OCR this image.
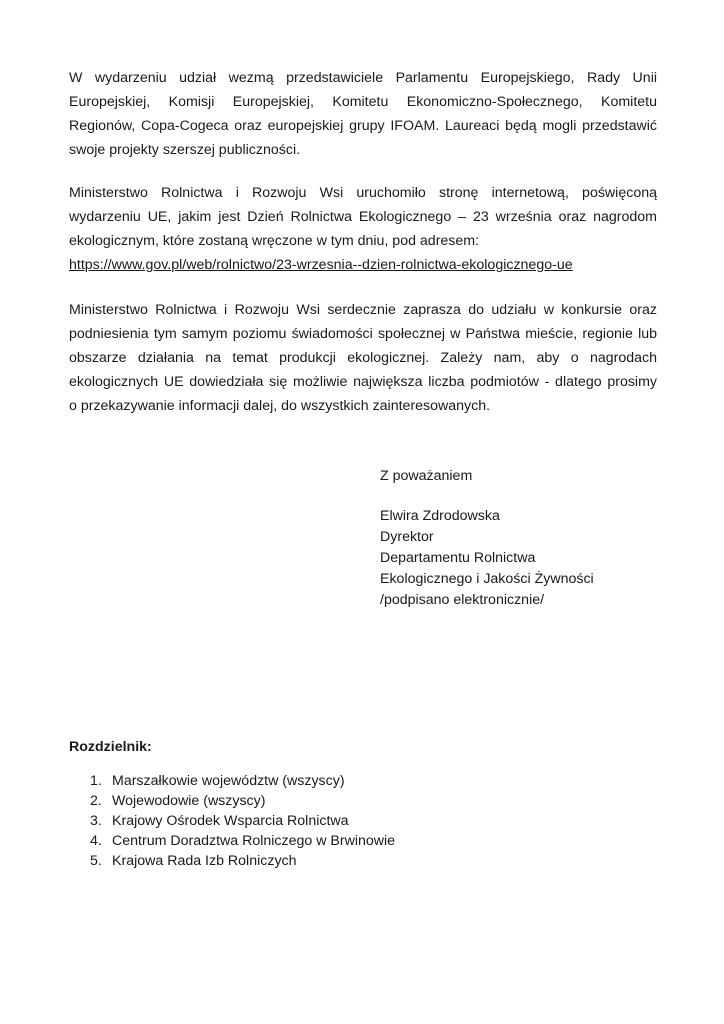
W wydarzeniu udział wezmą przedstawiciele Parlamentu Europejskiego, Rady Unii
Europejskiej, Komisji Europejskiej, Komitetu Ekonomiczno-Społecznego, Komitetu
Regionów, Copa-Cogeca oraz europejskiej grupy IFOAM. Laureaci będą mogli przedstawić
swoje projekty szerszej publiczności.

Ministerstwo Rolnictwa i Rozwoju Wsi uruchomiło stronę internetową, poświęconą
wydarzeniu UE, jakim jest Dzień Rolnictwa Ekologicznego – 23 września oraz nagrodom
ekologicznym, które zostaną wręczone w tym dniu, pod adresem:
https://www.gov.pl/web/rolnictwo/23-wrzesnia--dzien-rolnictwa-ekologicznego-ue

Ministerstwo Rolnictwa i Rozwoju Wsi serdecznie zaprasza do udziału w konkursie oraz
podniesienia tym samym poziomu świadomości społecznej w Państwa mieście, regionie lub
obszarze działania na temat produkcji ekologicznej. Zależy nam, aby o nagrodach
ekologicznych UE dowiedziała się możliwie największa liczba podmiotów - dlatego prosimy
o przekazywanie informacji dalej, do wszystkich zainteresowanych.

Z poważaniem
Elwira Zdrodowska
Dyrektor
Departamentu Rolnictwa
Ekologicznego i Jakości Żywności
/podpisano elektronicznie/
Rozdzielnik:
1. Marszałkowie województw (wszyscy)
2. Wojewodowie (wszyscy)
3. Krajowy Ośrodek Wsparcia Rolnictwa
4. Centrum Doradztwa Rolniczego w Brwinowie
5. Krajowa Rada Izb Rolniczych
